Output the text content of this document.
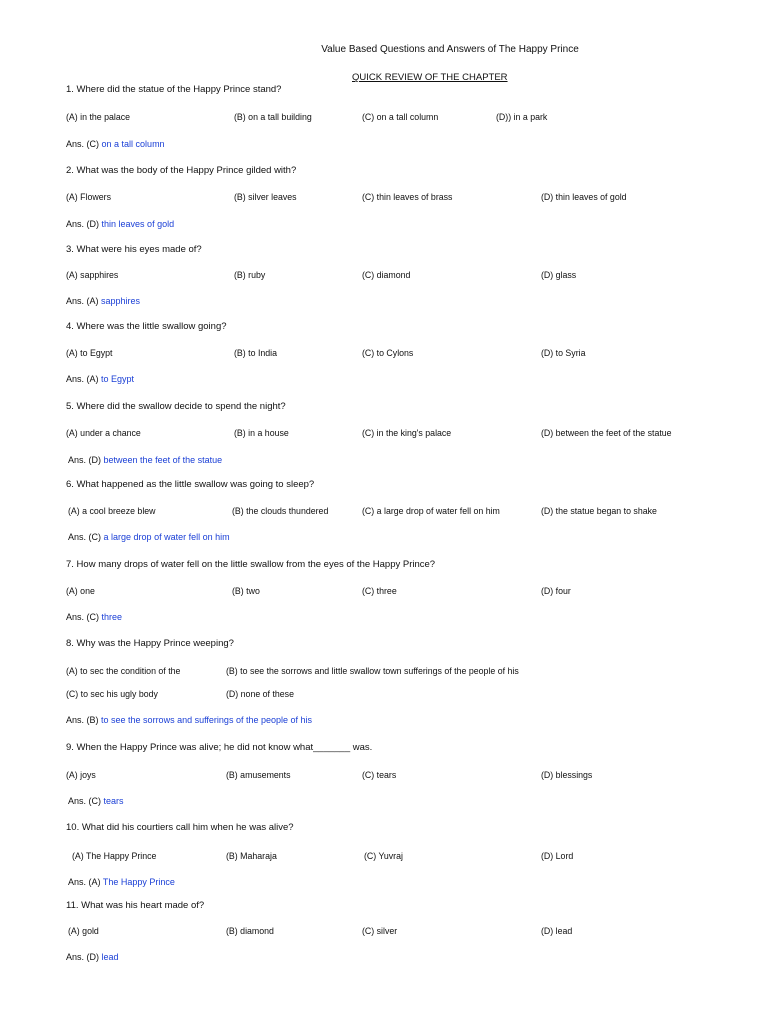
Value Based Questions and Answers of The Happy Prince
QUICK REVIEW OF THE CHAPTER
1. Where did the statue of the Happy Prince stand?
(A) in the palace	(B) on a tall building	(C) on a tall column	(D)) in a park
Ans. (C) on a tall column
2. What was the body of the Happy Prince gilded with?
(A) Flowers	(B) silver leaves	(C) thin leaves of brass	(D) thin leaves of gold
Ans. (D) thin leaves of gold
3. What were his eyes made of?
(A) sapphires	(B) ruby	(C) diamond	(D) glass
Ans. (A) sapphires
4. Where was the little swallow going?
(A) to Egypt	(B) to India	(C) to Cylons	(D) to Syria
Ans. (A) to Egypt
5. Where did the swallow decide to spend the night?
(A) under a chance	(B) in a house	(C) in the king's palace	(D) between the feet of the statue
Ans. (D) between the feet of the statue
6. What happened as the little swallow was going to sleep?
(A) a cool breeze blew	(B) the clouds thundered	(C) a large drop of water fell on him	(D) the statue began to shake
Ans. (C) a large drop of water fell on him
7. How many drops of water fell on the little swallow from the eyes of the Happy Prince?
(A) one	(B) two	(C) three	(D) four
Ans. (C) three
8. Why was the Happy Prince weeping?
(A) to sec the condition of the	(B) to see the sorrows and little swallow town sufferings of the people of his
(C) to sec his ugly body	(D) none of these
Ans. (B) to see the sorrows and sufferings of the people of his
9. When the Happy Prince was alive; he did not know what_______ was.
(A) joys	(B) amusements	(C) tears	(D) blessings
Ans. (C) tears
10. What did his courtiers call him when he was alive?
(A) The Happy Prince	(B) Maharaja	(C) Yuvraj	(D) Lord
Ans. (A) The Happy Prince
11. What was his heart made of?
(A) gold	(B) diamond	(C) silver	(D) lead
Ans. (D) lead
